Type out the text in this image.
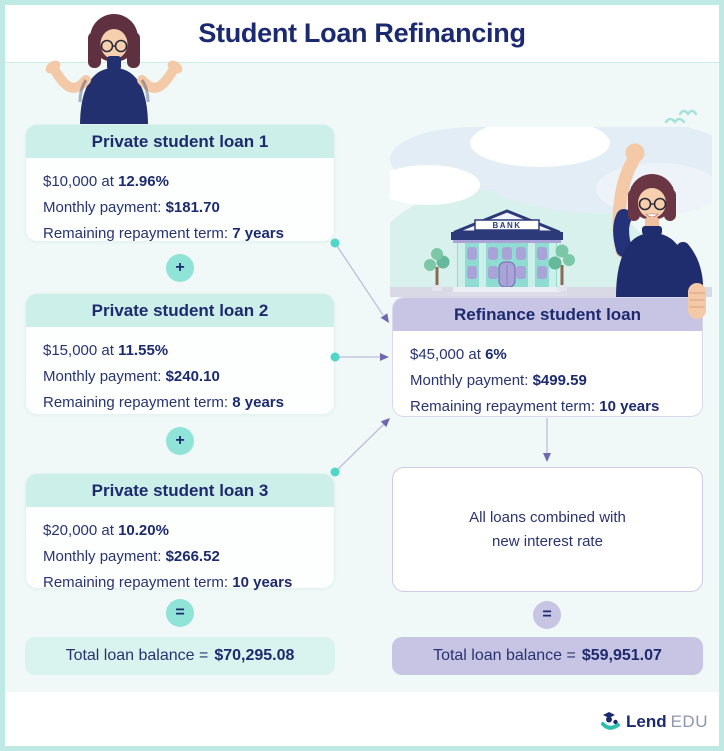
Student Loan Refinancing
BANK
Private student loan 1
$10,000 at 12.96%
Monthly payment: $181.70
Remaining repayment term: 7 years
+
Private student loan 2
$15,000 at 11.55%
Monthly payment: $240.10
Remaining repayment term: 8 years
+
Private student loan 3
$20,000 at 10.20%
Monthly payment: $266.52
Remaining repayment term: 10 years
=
Total loan balance = $70,295.08
Refinance student loan
$45,000 at 6%
Monthly payment: $499.59
Remaining repayment term: 10 years
All loans combined with
new interest rate
=
Total loan balance = $59,951.07
Lend EDU
